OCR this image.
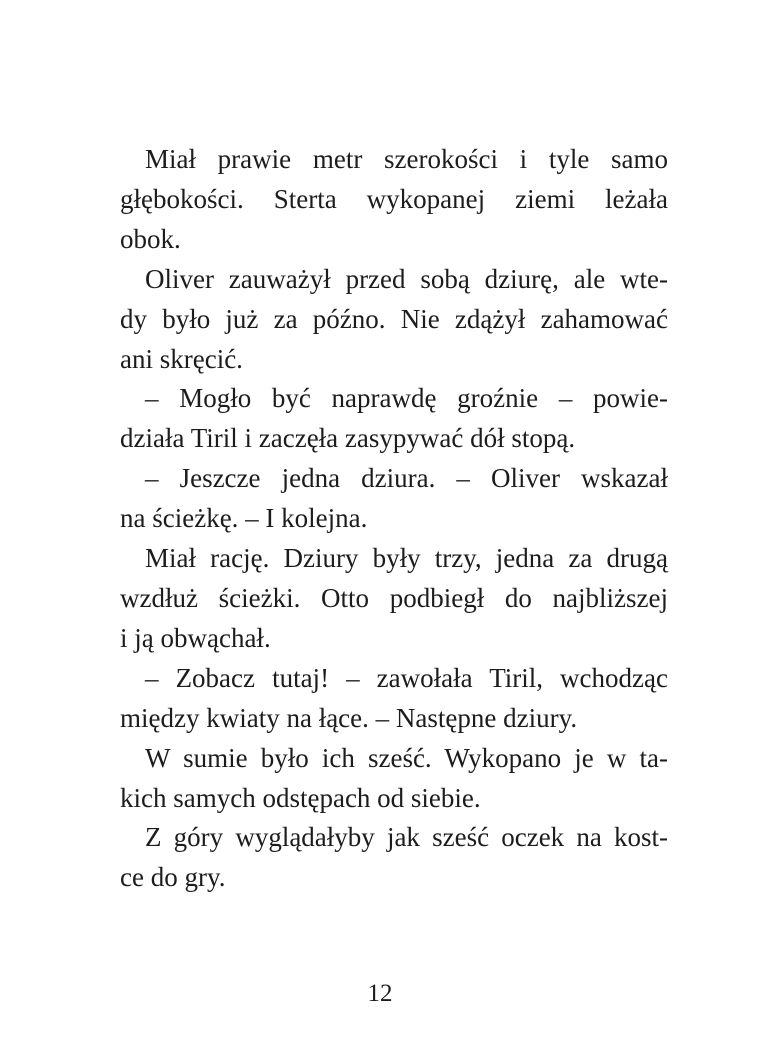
Miał prawie metr szerokości i tyle samo
głębokości. Sterta wykopanej ziemi leżała
obok.

Oliver zauważył przed sobą dziurę, ale wte-
dy było już za późno. Nie zdążył zahamować
ani skręcić.

– Mogło być naprawdę groźnie – powie-
działa Tiril i zaczęła zasypywać dół stopą.

– Jeszcze jedna dziura. – Oliver wskazał
na ścieżkę. – I kolejna.

Miał rację. Dziury były trzy, jedna za drugą
wzdłuż ścieżki. Otto podbiegł do najbliższej
i ją obwąchał.

– Zobacz tutaj! – zawołała Tiril, wchodząc
między kwiaty na łące. – Następne dziury.

W sumie było ich sześć. Wykopano je w ta-
kich samych odstępach od siebie.

Z góry wyglądałyby jak sześć oczek na kost-
ce do gry.

12
